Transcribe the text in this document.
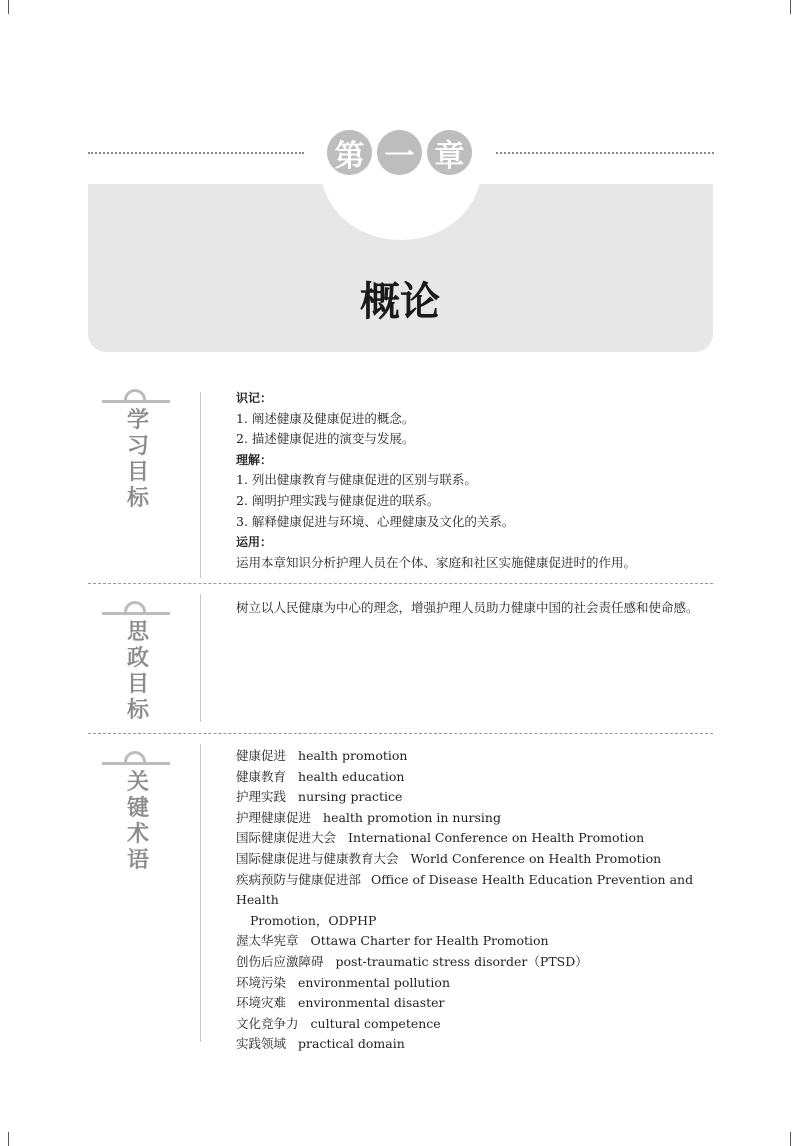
第 一 章
概论
学
习
目
标
识记：
1. 阐述健康及健康促进的概念。
2. 描述健康促进的演变与发展。
理解：
1. 列出健康教育与健康促进的区别与联系。
2. 阐明护理实践与健康促进的联系。
3. 解释健康促进与环境、心理健康及文化的关系。
运用：
运用本章知识分析护理人员在个体、家庭和社区实施健康促进时的作用。
思
政
目
标
树立以人民健康为中心的理念，增强护理人员助力健康中国的社会责任感和使命感。
关
键
术
语
健康促进 health promotion
健康教育 health education
护理实践 nursing practice
护理健康促进 health promotion in nursing
国际健康促进大会 International Conference on Health Promotion
国际健康促进与健康教育大会 World Conference on Health Promotion
疾病预防与健康促进部 Office of Disease Health Education Prevention and Health
Promotion，ODPHP
渥太华宪章 Ottawa Charter for Health Promotion
创伤后应激障碍 post-traumatic stress disorder（PTSD）
环境污染 environmental pollution
环境灾难 environmental disaster
文化竞争力 cultural competence
实践领域 practical domain
